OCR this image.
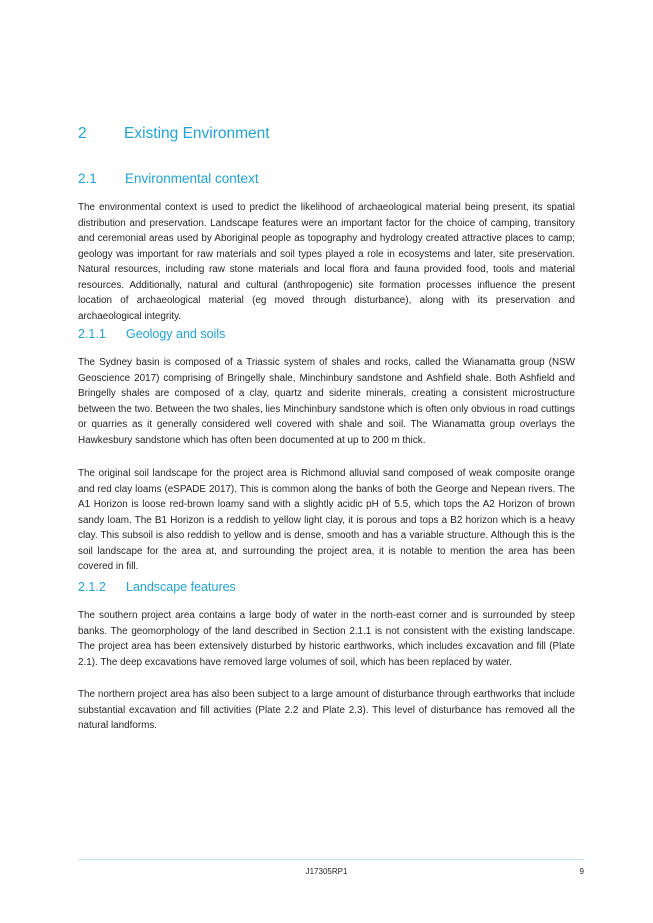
2	Existing Environment
2.1	Environmental context

The environmental context is used to predict the likelihood of archaeological material being present, its spatial distribution and preservation. Landscape features were an important factor for the choice of camping, transitory and ceremonial areas used by Aboriginal people as topography and hydrology created attractive places to camp; geology was important for raw materials and soil types played a role in ecosystems and later, site preservation. Natural resources, including raw stone materials and local flora and fauna provided food, tools and material resources. Additionally, natural and cultural (anthropogenic) site formation processes influence the present location of archaeological material (eg moved through disturbance), along with its preservation and archaeological integrity.

2.1.1	Geology and soils

The Sydney basin is composed of a Triassic system of shales and rocks, called the Wianamatta group (NSW Geoscience 2017) comprising of Bringelly shale, Minchinbury sandstone and Ashfield shale. Both Ashfield and Bringelly shales are composed of a clay, quartz and siderite minerals, creating a consistent microstructure between the two. Between the two shales, lies Minchinbury sandstone which is often only obvious in road cuttings or quarries as it generally considered well covered with shale and soil. The Wianamatta group overlays the Hawkesbury sandstone which has often been documented at up to 200 m thick.

The original soil landscape for the project area is Richmond alluvial sand composed of weak composite orange and red clay loams (eSPADE 2017). This is common along the banks of both the George and Nepean rivers. The A1 Horizon is loose red-brown loamy sand with a slightly acidic pH of 5.5, which tops the A2 Horizon of brown sandy loam. The B1 Horizon is a reddish to yellow light clay, it is porous and tops a B2 horizon which is a heavy clay. This subsoil is also reddish to yellow and is dense, smooth and has a variable structure. Although this is the soil landscape for the area at, and surrounding the project area, it is notable to mention the area has been covered in fill.

2.1.2	Landscape features

The southern project area contains a large body of water in the north-east corner and is surrounded by steep banks. The geomorphology of the land described in Section 2.1.1 is not consistent with the existing landscape. The project area has been extensively disturbed by historic earthworks, which includes excavation and fill (Plate 2.1). The deep excavations have removed large volumes of soil, which has been replaced by water.

The northern project area has also been subject to a large amount of disturbance through earthworks that include substantial excavation and fill activities (Plate 2.2 and Plate 2.3). This level of disturbance has removed all the natural landforms.

J17305RP1	9
